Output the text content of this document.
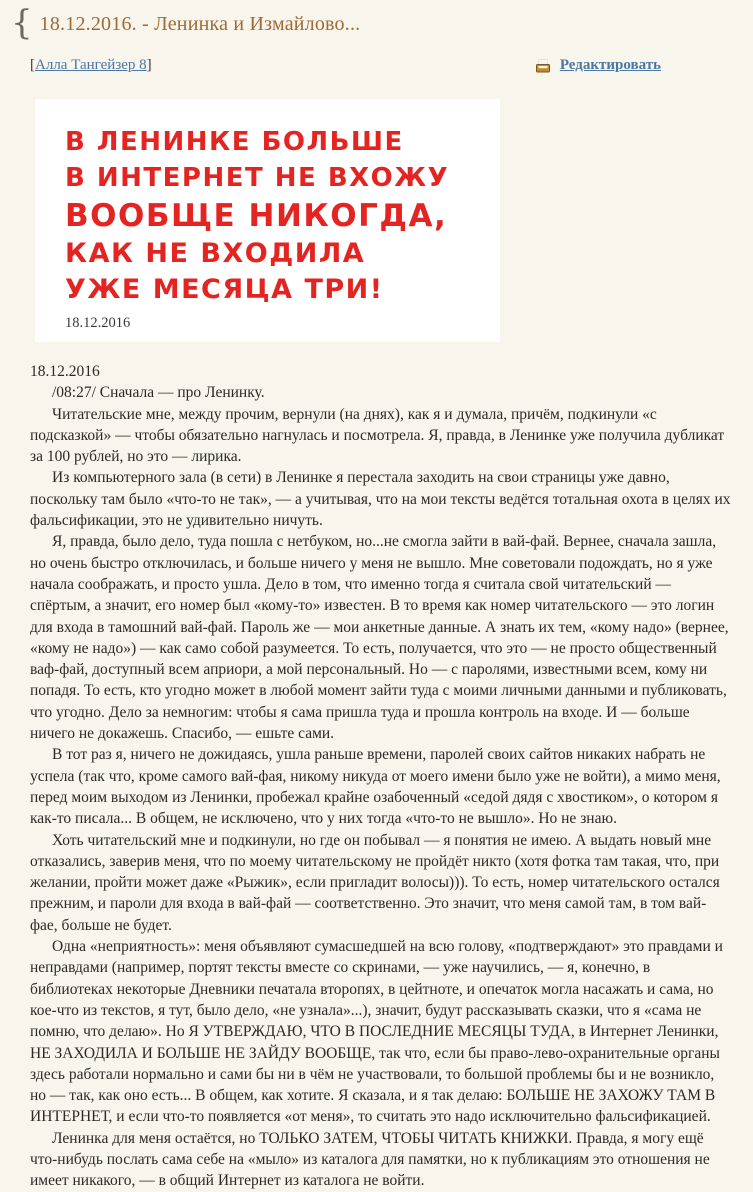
{ 18.12.2016. - Ленинка и Измайлово...
[Алла Тангейзер 8]	Редактировать
В ЛЕНИНКЕ БОЛЬШЕ
В ИНТЕРНЕТ НЕ ВХОЖУ
ВООБЩЕ НИКОГДА,
КАК НЕ ВХОДИЛА
УЖЕ МЕСЯЦА ТРИ!
18.12.2016

18.12.2016

/08:27/ Сначала — про Ленинку.

Читательские мне, между прочим, вернули (на днях), как я и думала, причём, подкинули «с подсказкой» — чтобы обязательно нагнулась и посмотрела. Я, правда, в Ленинке уже получила дубликат за 100 рублей, но это — лирика.

Из компьютерного зала (в сети) в Ленинке я перестала заходить на свои страницы уже давно, поскольку там было «что-то не так», — а учитывая, что на мои тексты ведётся тотальная охота в целях их фальсификации, это не удивительно ничуть.

Я, правда, было дело, туда пошла с нетбуком, но...не смогла зайти в вай-фай. Вернее, сначала зашла, но очень быстро отключилась, и больше ничего у меня не вышло. Мне советовали подождать, но я уже начала соображать, и просто ушла. Дело в том, что именно тогда я считала свой читательский — спёртым, а значит, его номер был «кому-то» известен. В то время как номер читательского — это логин для входа в тамошний вай-фай. Пароль же — мои анкетные данные. А знать их тем, «кому надо» (вернее, «кому не надо») — как само собой разумеется. То есть, получается, что это — не просто общественный ваф-фай, доступный всем априори, а мой персональный. Но — с паролями, известными всем, кому ни попадя. То есть, кто угодно может в любой момент зайти туда с моими личными данными и публиковать, что угодно. Дело за немногим: чтобы я сама пришла туда и прошла контроль на входе. И — больше ничего не докажешь. Спасибо, — ешьте сами.

В тот раз я, ничего не дожидаясь, ушла раньше времени, паролей своих сайтов никаких набрать не успела (так что, кроме самого вай-фая, никому никуда от моего имени было уже не войти), а мимо меня, перед моим выходом из Ленинки, пробежал крайне озабоченный «седой дядя с хвостиком», о котором я как-то писала... В общем, не исключено, что у них тогда «что-то не вышло». Но не знаю.

Хоть читательский мне и подкинули, но где он побывал — я понятия не имею. А выдать новый мне отказались, заверив меня, что по моему читательскому не пройдёт никто (хотя фотка там такая, что, при желании, пройти может даже «Рыжик», если пригладит волосы))). То есть, номер читательского остался прежним, и пароли для входа в вай-фай — соответственно. Это значит, что меня самой там, в том вай-фае, больше не будет.

Одна «неприятность»: меня объявляют сумасшедшей на всю голову, «подтверждают» это правдами и неправдами (например, портят тексты вместе со скринами, — уже научились, — я, конечно, в библиотеках некоторые Дневники печатала второпях, в цейтноте, и опечаток могла насажать и сама, но кое-что из текстов, я тут, было дело, «не узнала»...), значит, будут рассказывать сказки, что я «сама не помню, что делаю». Но Я УТВЕРЖДАЮ, ЧТО В ПОСЛЕДНИЕ МЕСЯЦЫ ТУДА, в Интернет Ленинки, НЕ ЗАХОДИЛА И БОЛЬШЕ НЕ ЗАЙДУ ВООБЩЕ, так что, если бы право-лево-охранительные органы здесь работали нормально и сами бы ни в чём не участвовали, то большой проблемы бы и не возникло, но — так, как оно есть... В общем, как хотите. Я сказала, и я так делаю: БОЛЬШЕ НЕ ЗАХОЖУ ТАМ В ИНТЕРНЕТ, и если что-то появляется «от меня», то считать это надо исключительно фальсификацией.

Ленинка для меня остаётся, но ТОЛЬКО ЗАТЕМ, ЧТОБЫ ЧИТАТЬ КНИЖКИ. Правда, я могу ещё что-нибудь послать сама себе на «мыло» из каталога для памятки, но к публикациям это отношения не имеет никакого, — в общий Интернет из каталога не войти.
